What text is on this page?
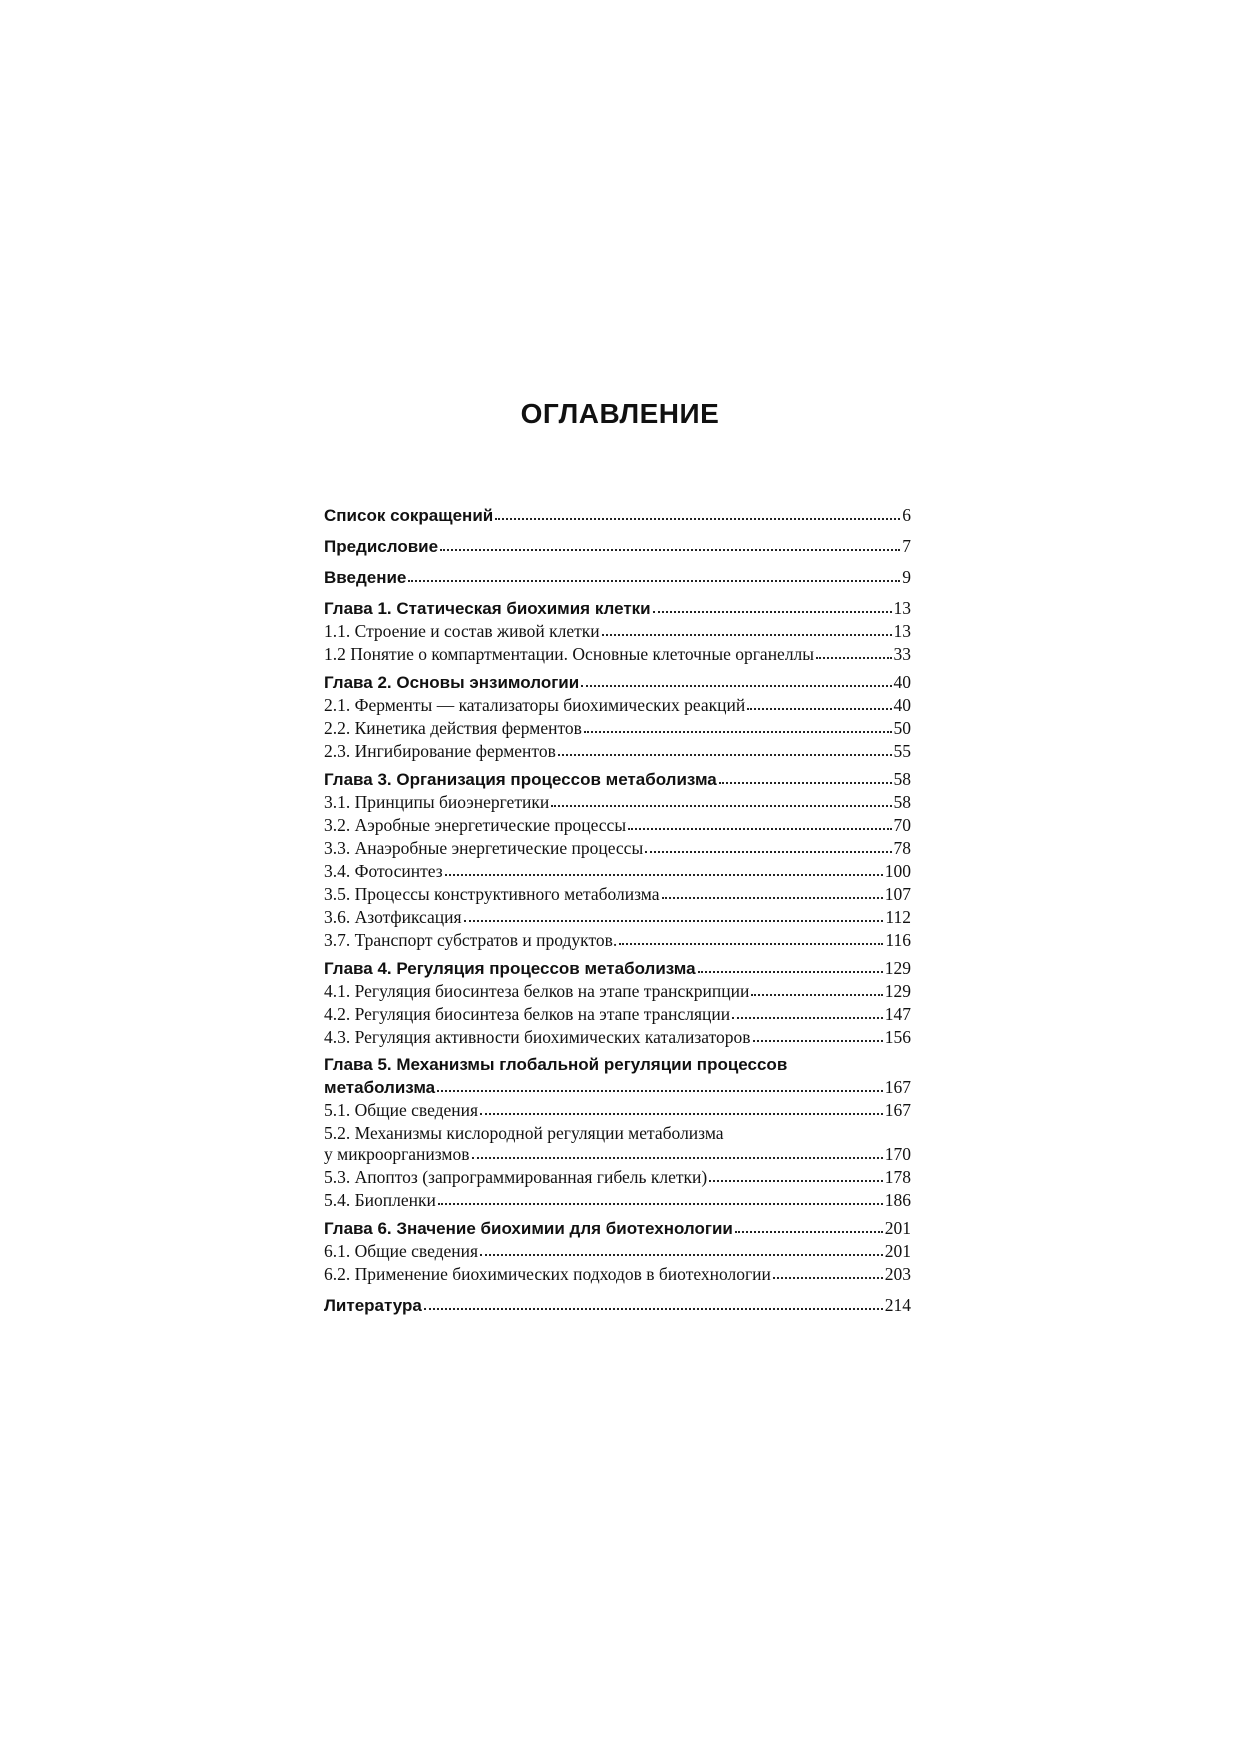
ОГЛАВЛЕНИЕ
Список сокращений	6
Предисловие	7
Введение	9
Глава 1. Статическая биохимия клетки	13
1.1. Строение и состав живой клетки	13
1.2 Понятие о компартментации. Основные клеточные органеллы	33
Глава 2. Основы энзимологии	40
2.1. Ферменты — катализаторы биохимических реакций	40
2.2. Кинетика действия ферментов	50
2.3. Ингибирование ферментов	55
Глава 3. Организация процессов метаболизма	58
3.1. Принципы биоэнергетики	58
3.2. Аэробные энергетические процессы	70
3.3. Анаэробные энергетические процессы	78
3.4. Фотосинтез	100
3.5. Процессы конструктивного метаболизма	107
3.6. Азотфиксация	112
3.7. Транспорт субстратов и продуктов.	116
Глава 4. Регуляция процессов метаболизма	129
4.1. Регуляция биосинтеза белков на этапе транскрипции	129
4.2. Регуляция биосинтеза белков на этапе трансляции	147
4.3. Регуляция активности биохимических катализаторов	156
Глава 5. Механизмы глобальной регуляции процессов
метаболизма	167
5.1. Общие сведения	167
5.2. Механизмы кислородной регуляции метаболизма
у микроорганизмов	170
5.3. Апоптоз (запрограммированная гибель клетки)	178
5.4. Биопленки	186
Глава 6. Значение биохимии для биотехнологии	201
6.1. Общие сведения	201
6.2. Применение биохимических подходов в биотехнологии	203
Литература	214
